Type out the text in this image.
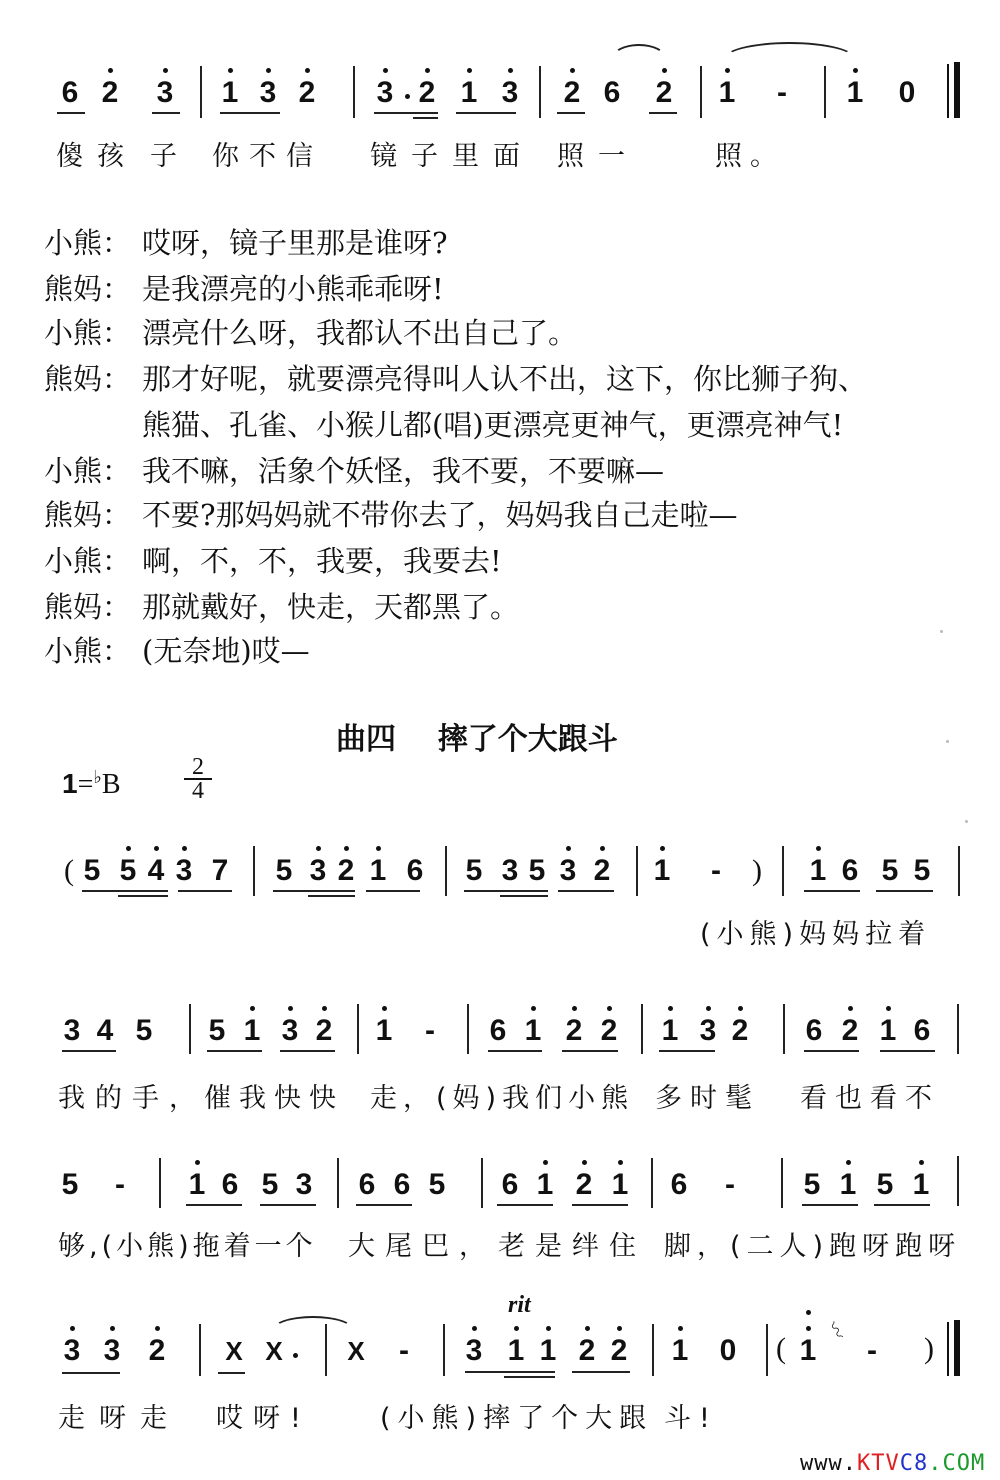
6 2 3 1 3 2 3 2 1 3 2 6 2 1 - 1 0
傻孩 子 你不信 镜子里面 照一	照。
小熊： 哎呀，镜子里那是谁呀?
熊妈： 是我漂亮的小熊乖乖呀!
小熊： 漂亮什么呀，我都认不出自己了。
熊妈： 那才好呢，就要漂亮得叫人认不出，这下，你比狮子狗、
熊猫、孔雀、小猴儿都(唱)更漂亮更神气，更漂亮神气!
小熊： 我不嘛，活象个妖怪，我不要，不要嘛—
熊妈： 不要?那妈妈就不带你去了，妈妈我自己走啦—
小熊： 啊，不，不，我要，我要去!
熊妈： 那就戴好，快走，天都黑了。
小熊： (无奈地)哎—
曲四    摔了个大跟斗
1=♭B	$\frac{2}{4}$
( 5 5 4 3 7 5 3 2 1 6 5 3 5 3 2 1 - ) 1 6 5 5
(小熊)妈妈拉着
3 4 5 5 1 3 2 1 - 6 1 2 2 1 3 2 6 2 1 6
我的手，
催我快快 走，(妈)我们小熊 多时髦 看也看不
5 - 1 6 5 3 6 6 5 6 1 2 1 6 - 5 1 5 1
够,(小熊)拖着一个 大尾巴， 老是绊住 脚，(二人)跑呀跑呀
3 3 2 X X X - 3 1 1 2 2 1 0 ( 1
〰
- )
rit
走呀走 哎呀!	(小熊)摔了个大跟 斗!
www.KTVC8.COM
